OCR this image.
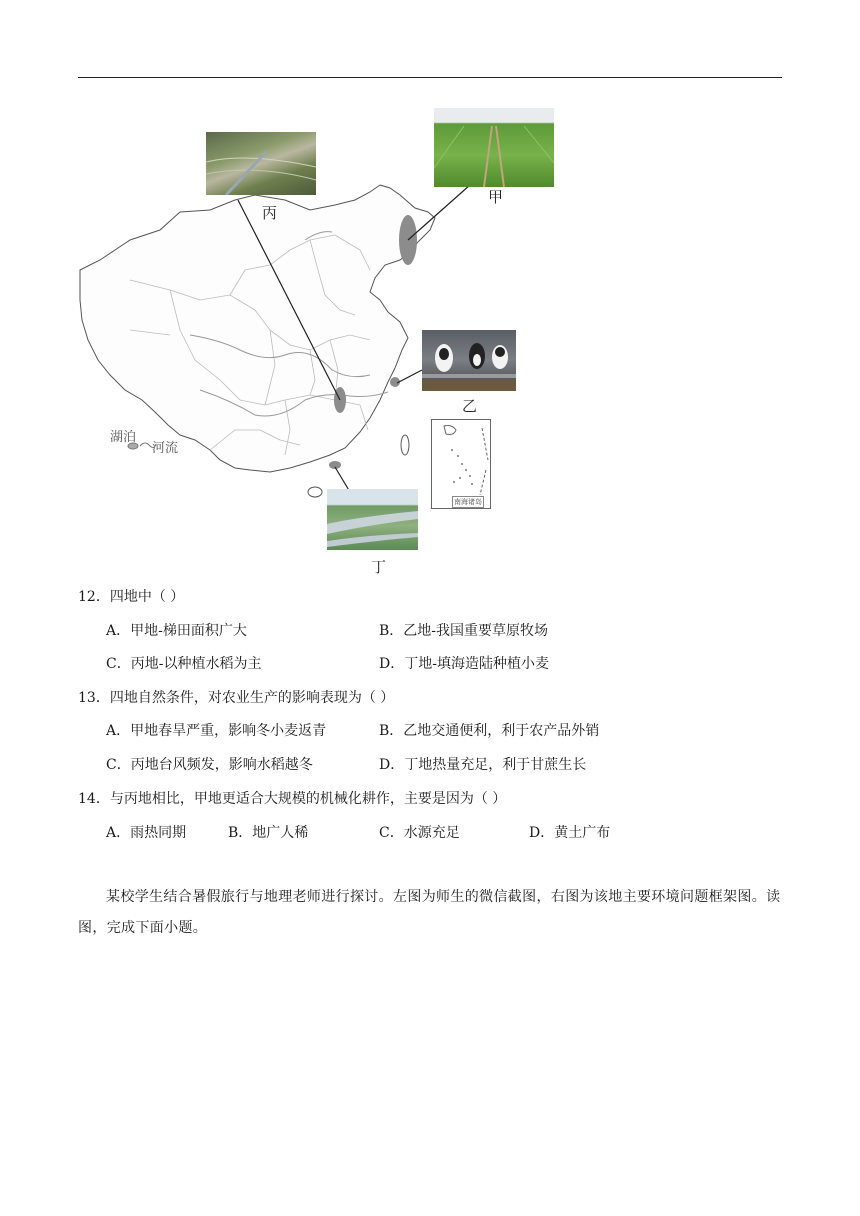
南海诸岛
甲
丙
乙
丁
湖泊
河流
12．四地中（ ）
A．甲地-梯田面积广大	B．乙地-我国重要草原牧场
C．丙地-以种植水稻为主	D．丁地-填海造陆种植小麦
13．四地自然条件，对农业生产的影响表现为（ ）
A．甲地春旱严重，影响冬小麦返青	B．乙地交通便利，利于农产品外销
C．丙地台风频发，影响水稻越冬	D．丁地热量充足，利于甘蔗生长
14．与丙地相比，甲地更适合大规模的机械化耕作，主要是因为（ ）
A．雨热同期	B．地广人稀	C．水源充足	D．黄土广布
某校学生结合暑假旅行与地理老师进行探讨。左图为师生的微信截图，右图为该地主要环境问题框架图。读图，完成下面小题。
